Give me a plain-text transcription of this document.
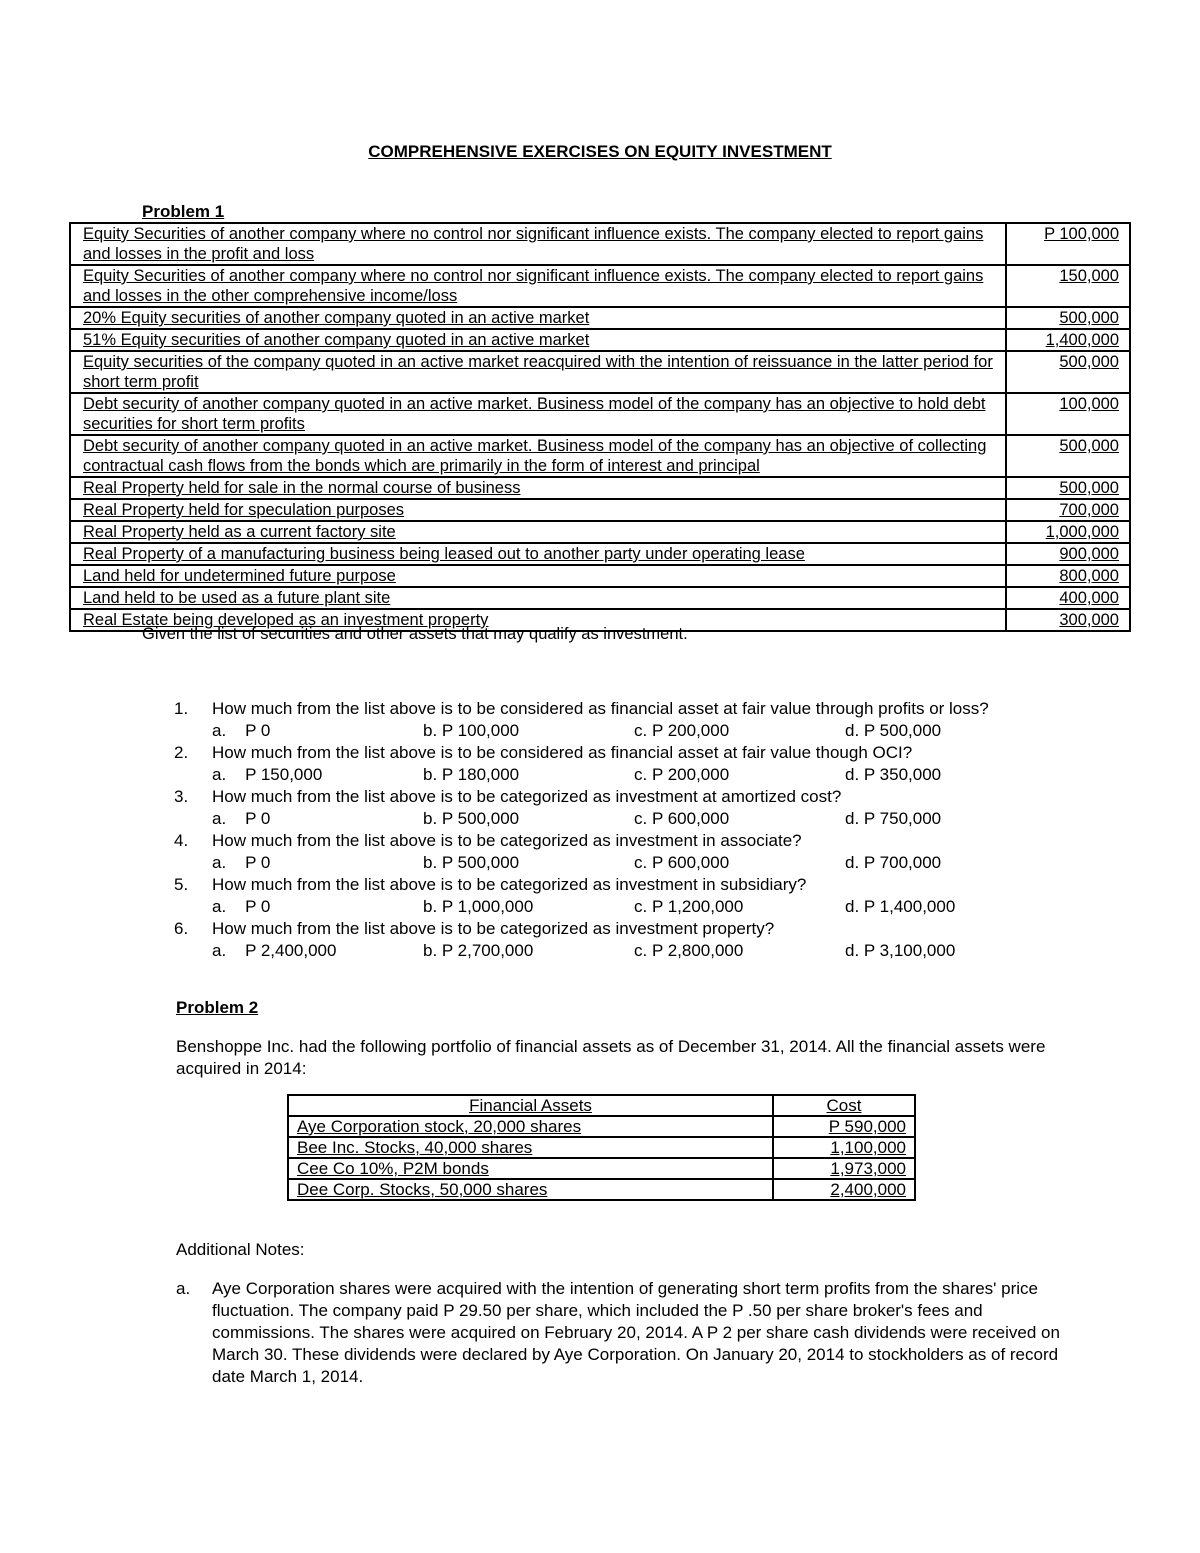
COMPREHENSIVE EXERCISES ON EQUITY INVESTMENT
Problem 1
Equity Securities of another company where no control nor significant influence exists. The company elected to report gains and losses in the profit and loss	P 100,000
Equity Securities of another company where no control nor significant influence exists. The company elected to report gains and losses in the other comprehensive income/loss	150,000
20% Equity securities of another company quoted in an active market	500,000
51% Equity securities of another company quoted in an active market	1,400,000
Equity securities of the company quoted in an active market reacquired with the intention of reissuance in the latter period for short term profit	500,000
Debt security of another company quoted in an active market. Business model of the company has an objective to hold debt securities for short term profits	100,000
Debt security of another company quoted in an active market. Business model of the company has an objective of collecting contractual cash flows from the bonds which are primarily in the form of interest and principal	500,000
Real Property held for sale in the normal course of business	500,000
Real Property held for speculation purposes	700,000
Real Property held as a current factory site	1,000,000
Real Property of a manufacturing business being leased out to another party under operating lease	900,000
Land held for undetermined future purpose	800,000
Land held to be used as a future plant site	400,000
Real Estate being developed as an investment property	300,000
Given the list of securities and other assets that may qualify as investment.
1. How much from the list above is to be considered as financial asset at fair value through profits or loss?
a.    P 0	b. P 100,000	c. P 200,000	d. P 500,000
2. How much from the list above is to be considered as financial asset at fair value though OCI?
a.    P 150,000	b. P 180,000	c. P 200,000	d. P 350,000
3. How much from the list above is to be categorized as investment at amortized cost?
a.    P 0	b. P 500,000	c. P 600,000	d. P 750,000
4. How much from the list above is to be categorized as investment in associate?
a.    P 0	b. P 500,000	c. P 600,000	d. P 700,000
5. How much from the list above is to be categorized as investment in subsidiary?
a.    P 0	b. P 1,000,000	c. P 1,200,000	d. P 1,400,000
6. How much from the list above is to be categorized as investment property?
a.    P 2,400,000	b. P 2,700,000	c. P 2,800,000	d. P 3,100,000
Problem 2

Benshoppe Inc. had the following portfolio of financial assets as of December 31, 2014. All the financial assets were acquired in 2014:

Financial Assets	Cost
Aye Corporation stock, 20,000 shares	P 590,000
Bee Inc. Stocks, 40,000 shares	1,100,000
Cee Co 10%, P2M bonds	1,973,000
Dee Corp. Stocks, 50,000 shares	2,400,000
Additional Notes:
a. Aye Corporation shares were acquired with the intention of generating short term profits from the shares' price fluctuation. The company paid P 29.50 per share, which included the P .50 per share broker's fees and commissions. The shares were acquired on February 20, 2014. A P 2 per share cash dividends were received on March 30. These dividends were declared by Aye Corporation. On January 20, 2014 to stockholders as of record date March 1, 2014.
